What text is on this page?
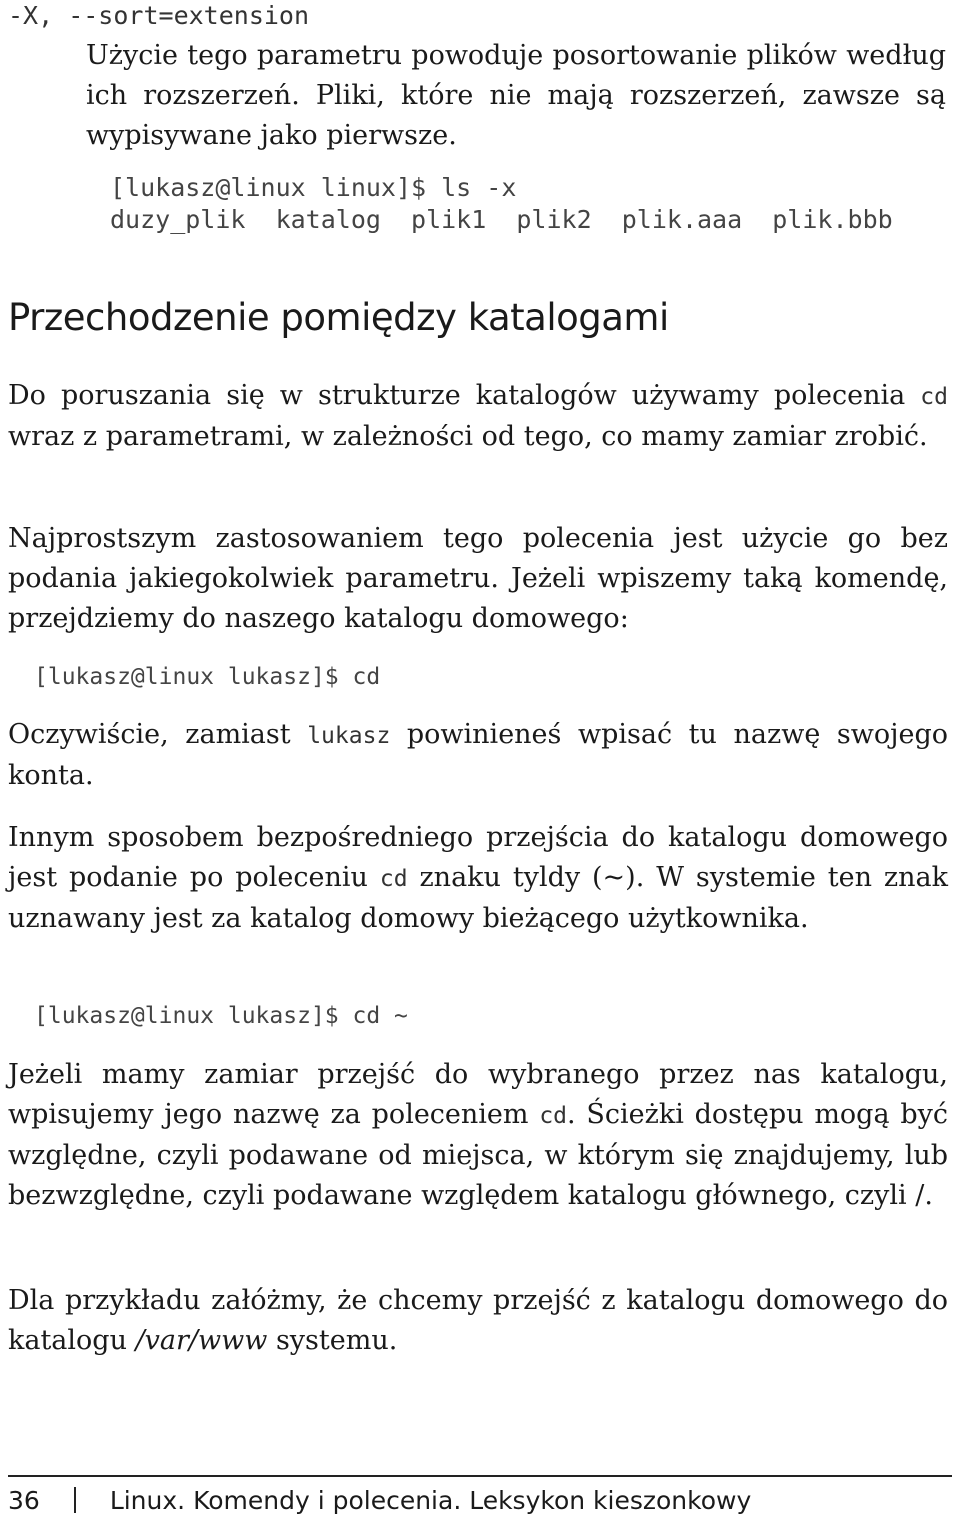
-X, --sort=extension
Użycie tego parametru powoduje posortowanie plików według ich rozszerzeń. Pliki, które nie mają rozszerzeń, zawsze są wypisywane jako pierwsze.
[lukasz@linux linux]$ ls -x
duzy_plik  katalog  plik1  plik2  plik.aaa  plik.bbb
Przechodzenie pomiędzy katalogami

Do poruszania się w strukturze katalogów używamy polecenia cd wraz z parametrami, w zależności od tego, co mamy zamiar zrobić.

Najprostszym zastosowaniem tego polecenia jest użycie go bez podania jakiegokolwiek parametru. Jeżeli wpiszemy taką komendę, przejdziemy do naszego katalogu domowego:

[lukasz@linux lukasz]$ cd

Oczywiście, zamiast lukasz powinieneś wpisać tu nazwę swojego konta.

Innym sposobem bezpośredniego przejścia do katalogu domowego jest podanie po poleceniu cd znaku tyldy (~). W systemie ten znak uznawany jest za katalog domowy bieżącego użytkownika.

[lukasz@linux lukasz]$ cd ~

Jeżeli mamy zamiar przejść do wybranego przez nas katalogu, wpisujemy jego nazwę za poleceniem cd. Ścieżki dostępu mogą być względne, czyli podawane od miejsca, w którym się znajdujemy, lub bezwzględne, czyli podawane względem katalogu głównego, czyli /.

Dla przykładu załóżmy, że chcemy przejść z katalogu domowego do katalogu /var/www systemu.

36	Linux. Komendy i polecenia. Leksykon kieszonkowy
